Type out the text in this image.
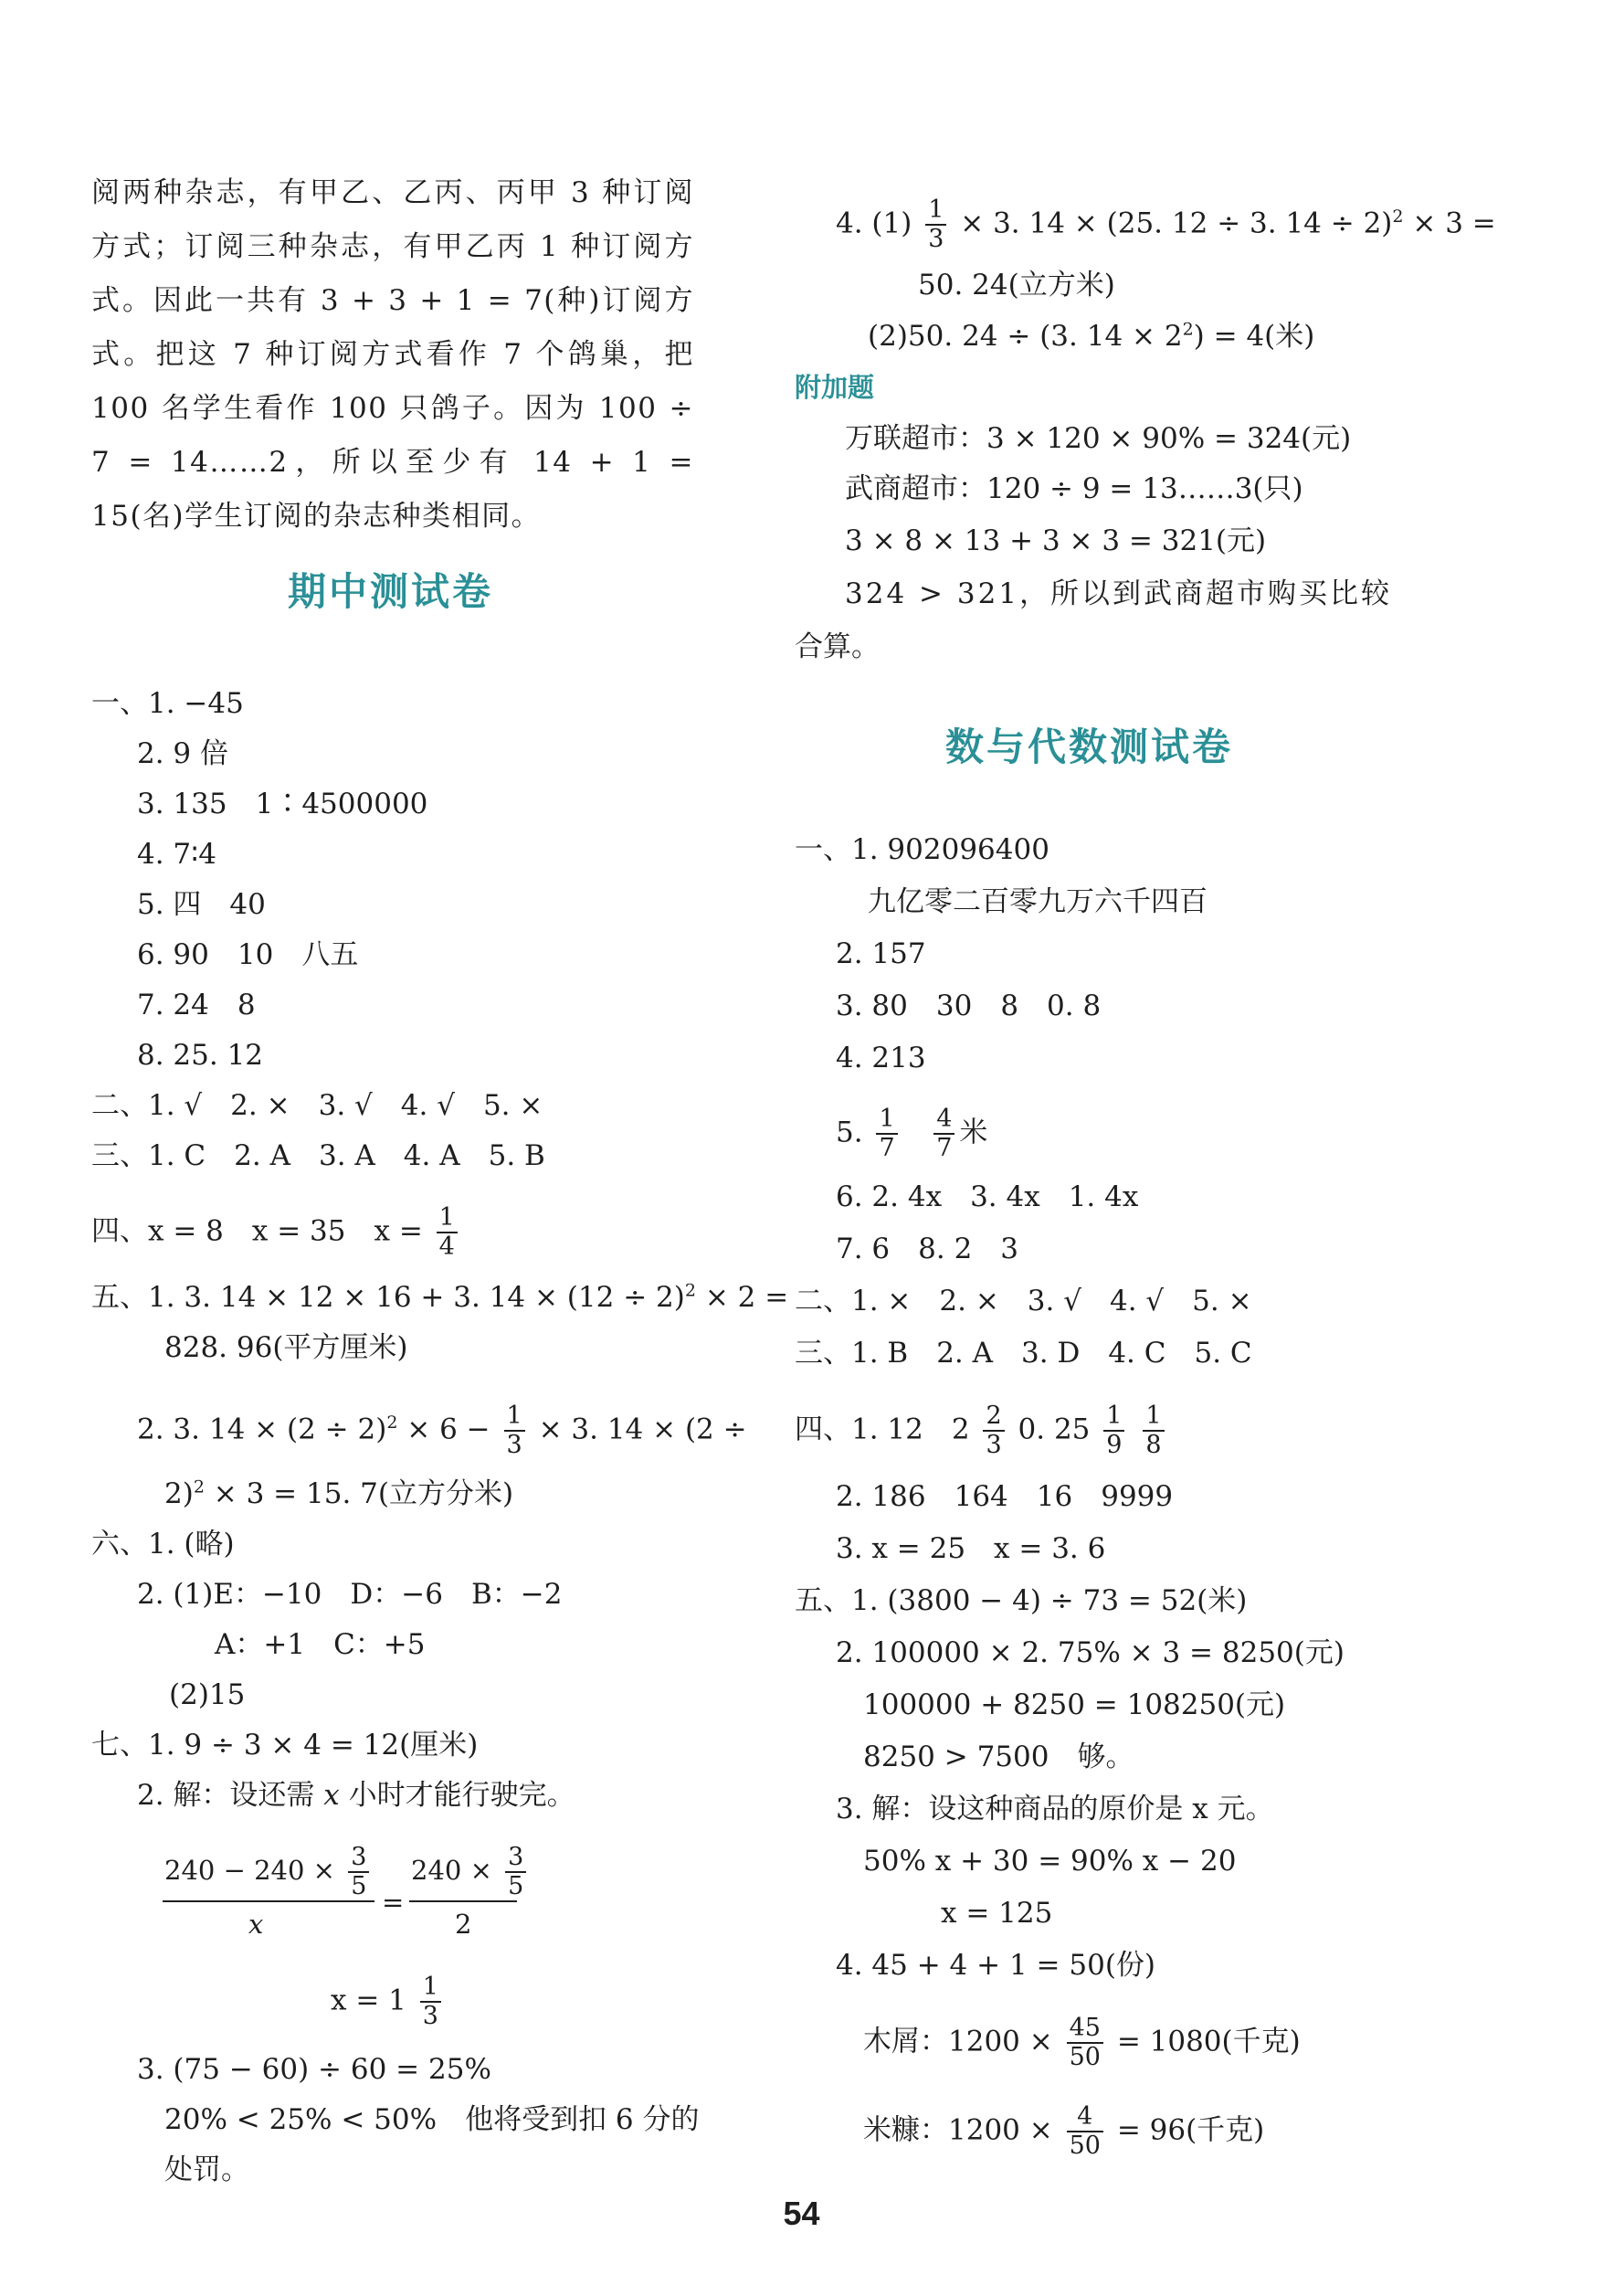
阅两种杂志，有甲乙、乙丙、丙甲 3 种订阅方式；订阅三种杂志，有甲乙丙 1 种订阅方式。因此一共有 3 + 3 + 1 = 7(种)订阅方式。把这 7 种订阅方式看作 7 个鸽巢，把 100 名学生看作 100 只鸽子。因为 100 ÷ 7 = 14……2，所以至少有 14 + 1 = 15(名)学生订阅的杂志种类相同。
期中测试卷
一、1. −45
2. 9 倍
3. 135　1∶4500000
4. 7∶4
5. 四　40
6. 90　10　八五
7. 24　8
8. 25. 12
二、1. √　2. ×　3. √　4. √　5. ×
三、1. C　2. A　3. A　4. A　5. B
四、x = 8　x = 35　$x = \frac{1}{4}$
五、1. 3. 14 × 12 × 16 + 3. $14 \times (12 \div 2)^2 \times 2$ =
828. 96(平方厘米)
2. 3. $14 \times (2 \div 2)^2 \times 6 - \frac{1}{3} \times 3$. 14 × (2 ÷
2)$^2$ × 3 = 15. 7(立方分米)
六、1. (略)
2. (1)E：−10　D：−6　B：−2
A：+1　C：+5
(2)15
七、1. 9 ÷ 3 × 4 = 12(厘米)
2. 解：设还需 x 小时才能行驶完。
$240 - 240 \times \frac{3}{5}$
x
=
$240 \times \frac{3}{5}$
2
$x = 1 \frac{1}{3}$
3. (75 − 60) ÷ 60 = 25%
20% < 25% < 50%　他将受到扣 6 分的
处罚。
4. $(1) \frac{1}{3} \times 3$. 14 × (25. 12 ÷ 3. 14 ÷ 2)$^2$ × 3 =
50. 24(立方米)
(2)50. 24 ÷ (3. $14 \times 2^2) = 4$(米)
附加题
万联超市：3 × 120 × 90% = 324(元)
武商超市：120 ÷ 9 = 13……3(只)
3 × 8 × 13 + 3 × 3 = 321(元)
324 > 321，所以到武商超市购买比较
合算。
数与代数测试卷
一、1. 902096400
九亿零二百零九万六千四百
2. 157
3. 80　30　8　0. 8
4. 213
5. $\frac{1}{7}$
$\frac{4}{7}$ 米
6. 2. 4x　3. 4x　1. 4x
7. 6　8. 2　3
二、1. ×　2. ×　3. √　4. √　5. ×
三、1. B　2. A　3. D　4. C　5. C
四、1. 12　$2 \frac{2}{3} 0$. $25 \frac{1}{9}$
$\frac{1}{8}$
2. 186　164　16　9999
3. x = 25　x = 3. 6
五、1. (3800 − 4) ÷ 73 = 52(米)
2. 100000 × 2. 75% × 3 = 8250(元)
100000 + 8250 = 108250(元)
8250 > 7500　够。
3. 解：设这种商品的原价是 x 元。
50% x + 30 = 90% x − 20
x = 125
4. 45 + 4 + 1 = 50(份)
木屑：$1200 \times \frac{45}{50} = 1080$(千克)
米糠：$1200 \times \frac{4}{50} = 96$(千克)
54
